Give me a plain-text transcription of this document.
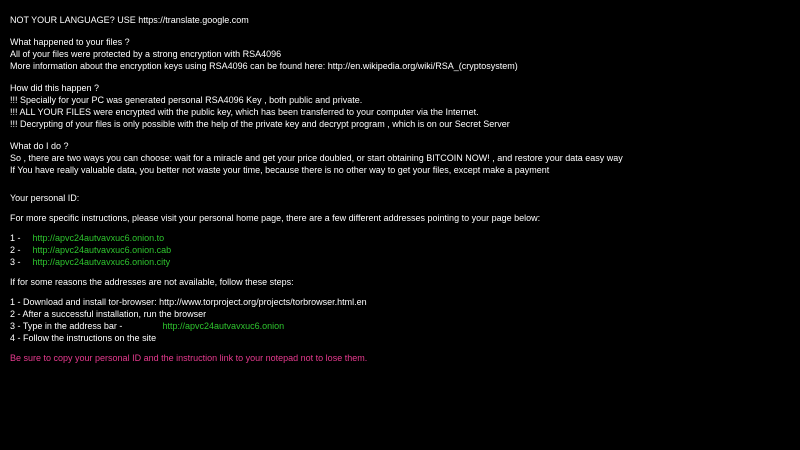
NOT YOUR LANGUAGE? USE https://translate.google.com
What happened to your files ?
All of your files were protected by a strong encryption with RSA4096
More information about the encryption keys using RSA4096 can be found here: http://en.wikipedia.org/wiki/RSA_(cryptosystem)
How did this happen ?
!!! Specially for your PC was generated personal RSA4096 Key , both public and private.
!!! ALL YOUR FILES were encrypted with the public key, which has been transferred to your computer via the Internet.
!!! Decrypting of your files is only possible with the help of the private key and decrypt program , which is on our Secret Server
What do I do ?
So , there are two ways you can choose: wait for a miracle and get your price doubled, or start obtaining BITCOIN NOW! , and restore your data easy way
If You have really valuable data, you better not waste your time, because there is no other way to get your files, except make a payment
Your personal ID:
For more specific instructions, please visit your personal home page, there are a few different addresses pointing to your page below:
1 - http://apvc24autvavxuc6.onion.to
2 - http://apvc24autvavxuc6.onion.cab
3 - http://apvc24autvavxuc6.onion.city
If for some reasons the addresses are not available, follow these steps:
1 - Download and install tor-browser: http://www.torproject.org/projects/torbrowser.html.en
2 - After a successful installation, run the browser
3 - Type in the address bar -	http://apvc24autvavxuc6.onion
4 - Follow the instructions on the site
Be sure to copy your personal ID and the instruction link to your notepad not to lose them.
